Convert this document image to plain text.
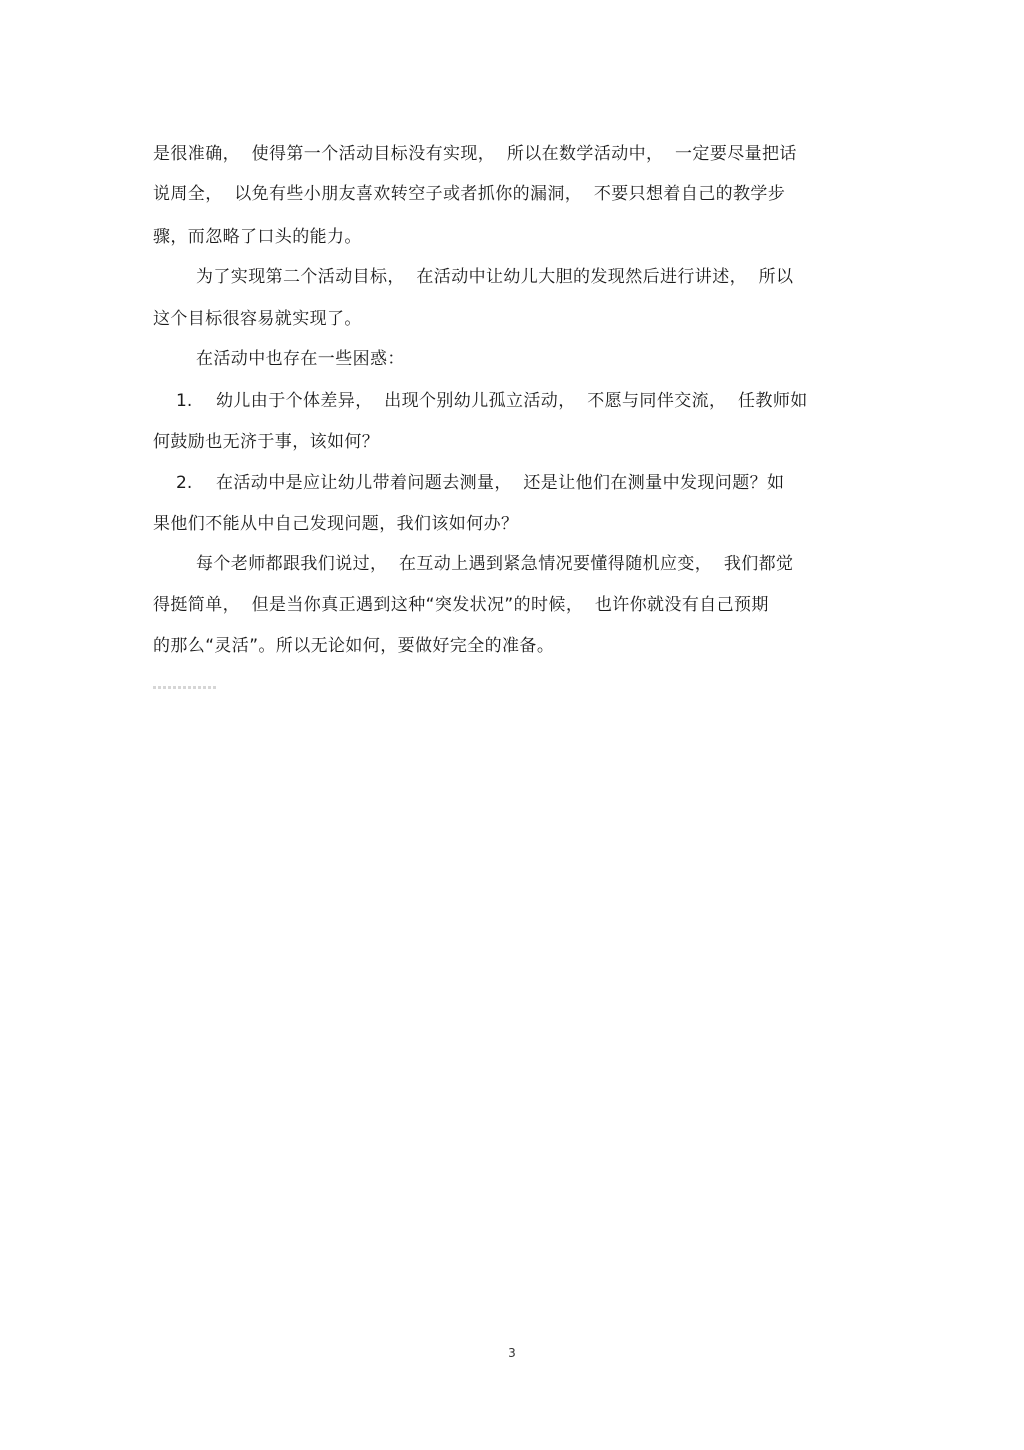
是很准确，  使得第一个活动目标没有实现，  所以在数学活动中，  一定要尽量把话
说周全，  以免有些小朋友喜欢转空子或者抓你的漏洞，  不要只想着自己的教学步
骤，而忽略了口头的能力。
为了实现第二个活动目标，  在活动中让幼儿大胆的发现然后进行讲述，  所以
这个目标很容易就实现了。
在活动中也存在一些困惑：
1. 幼儿由于个体差异，  出现个别幼儿孤立活动，  不愿与同伴交流，  任教师如
何鼓励也无济于事，该如何？
2. 在活动中是应让幼儿带着问题去测量，  还是让他们在测量中发现问题？如
果他们不能从中自己发现问题，我们该如何办？
每个老师都跟我们说过，  在互动上遇到紧急情况要懂得随机应变，  我们都觉
得挺简单，  但是当你真正遇到这种“突发状况”的时候，  也许你就没有自己预期
的那么“灵活”。所以无论如何，要做好完全的准备。
3
